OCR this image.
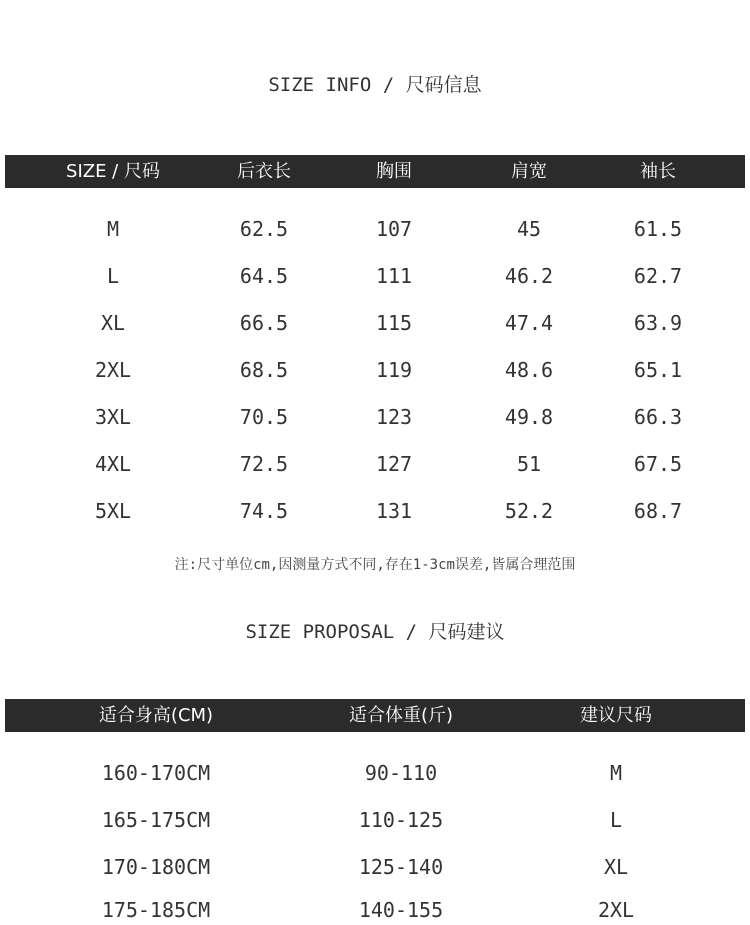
SIZE INFO / 尺码信息
SIZE / 尺码	后衣长	胸围	肩宽	袖长
M	62.5	107	45	61.5
L	64.5	111	46.2	62.7
XL	66.5	115	47.4	63.9
2XL	68.5	119	48.6	65.1
3XL	70.5	123	49.8	66.3
4XL	72.5	127	51	67.5
5XL	74.5	131	52.2	68.7
注:尺寸单位cm,因测量方式不同,存在1-3cm误差,皆属合理范围
SIZE PROPOSAL / 尺码建议
适合身高(CM)	适合体重(斤)	建议尺码
160-170CM	90-110	M
165-175CM	110-125	L
170-180CM	125-140	XL
175-185CM	140-155	2XL
